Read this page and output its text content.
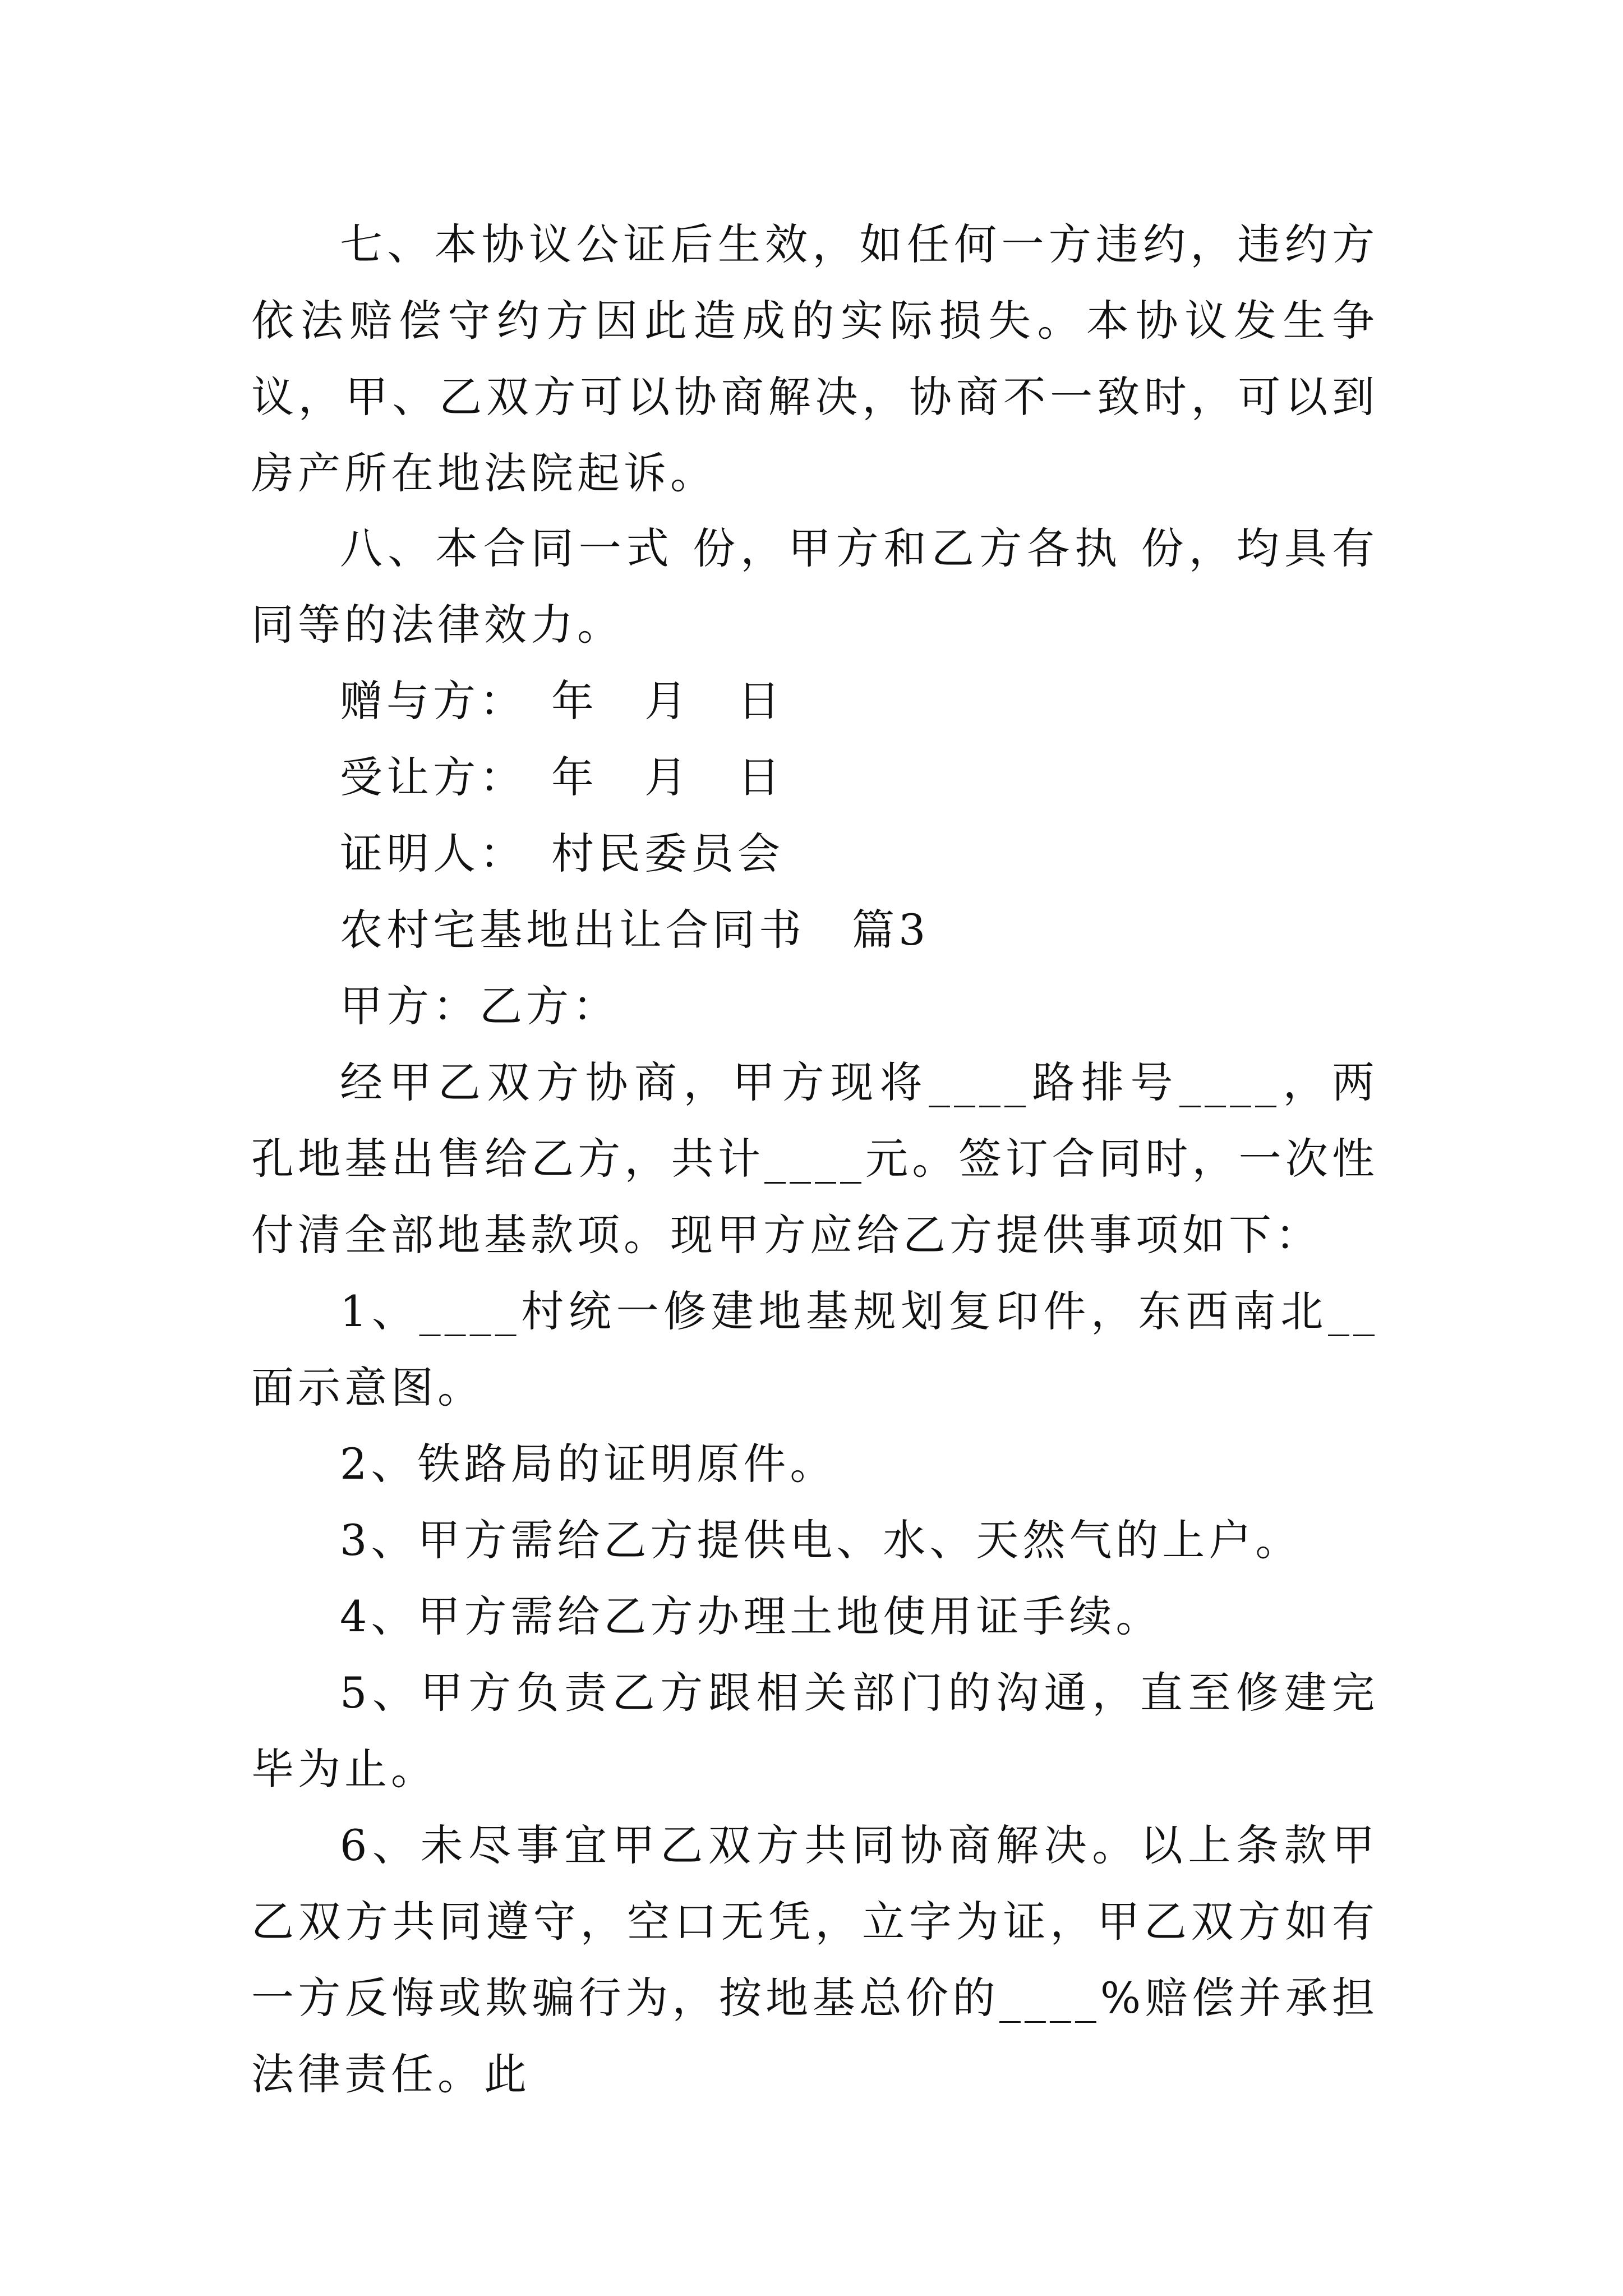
七、本协议公证后生效，如任何一方违约，违约方依法赔偿守约方因此造成的实际损失。本协议发生争议，甲、乙双方可以协商解决，协商不一致时，可以到房产所在地法院起诉。
八、本合同一式 份，甲方和乙方各执 份，均具有同等的法律效力。
赠与方：　年　月　日
受让方：　年　月　日
证明人：　村民委员会
农村宅基地出让合同书　篇3
甲方：乙方：
经甲乙双方协商，甲方现将____路排号____，两孔地基出售给乙方，共计____元。签订合同时，一次性付清全部地基款项。现甲方应给乙方提供事项如下：
1、____村统一修建地基规划复印件，东西南北__面示意图。
2、铁路局的证明原件。
3、甲方需给乙方提供电、水、天然气的上户。
4、甲方需给乙方办理土地使用证手续。
5、甲方负责乙方跟相关部门的沟通，直至修建完毕为止。
6、未尽事宜甲乙双方共同协商解决。以上条款甲乙双方共同遵守，空口无凭，立字为证，甲乙双方如有一方反悔或欺骗行为，按地基总价的____%赔偿并承担法律责任。此
